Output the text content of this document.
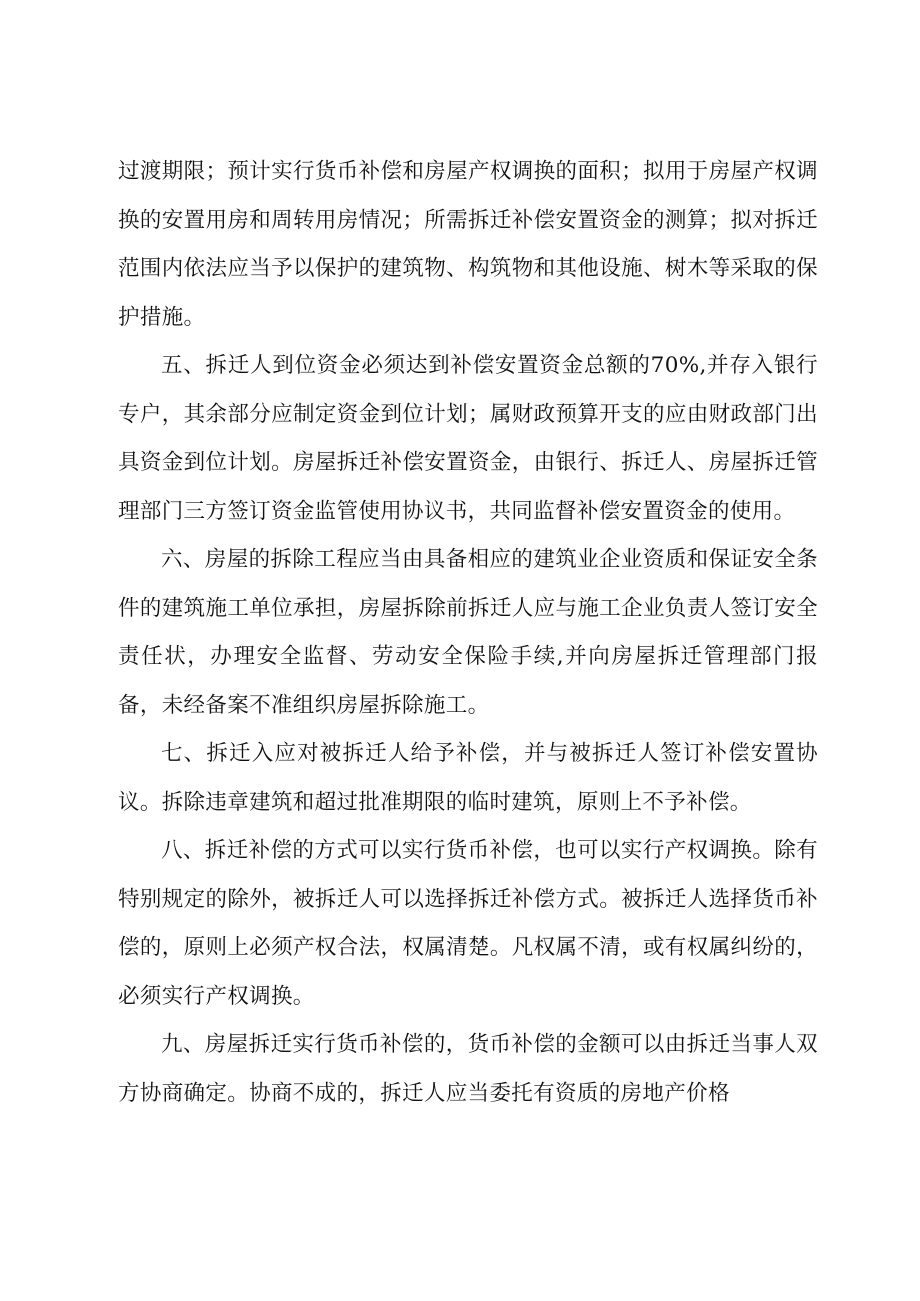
过渡期限；预计实行货币补偿和房屋产权调换的面积；拟用于房屋产权调换的安置用房和周转用房情况；所需拆迁补偿安置资金的测算；拟对拆迁范围内依法应当予以保护的建筑物、构筑物和其他设施、树木等采取的保护措施。

五、拆迁人到位资金必须达到补偿安置资金总额的70%,并存入银行专户，其余部分应制定资金到位计划；属财政预算开支的应由财政部门出具资金到位计划。房屋拆迁补偿安置资金，由银行、拆迁人、房屋拆迁管理部门三方签订资金监管使用协议书，共同监督补偿安置资金的使用。

六、房屋的拆除工程应当由具备相应的建筑业企业资质和保证安全条件的建筑施工单位承担，房屋拆除前拆迁人应与施工企业负责人签订安全责任状，办理安全监督、劳动安全保险手续,并向房屋拆迁管理部门报备，未经备案不准组织房屋拆除施工。

七、拆迁入应对被拆迁人给予补偿，并与被拆迁人签订补偿安置协议。拆除违章建筑和超过批准期限的临时建筑，原则上不予补偿。

八、拆迁补偿的方式可以实行货币补偿，也可以实行产权调换。除有特别规定的除外，被拆迁人可以选择拆迁补偿方式。被拆迁人选择货币补偿的，原则上必须产权合法，权属清楚。凡权属不清，或有权属纠纷的，必须实行产权调换。

九、房屋拆迁实行货币补偿的，货币补偿的金额可以由拆迁当事人双方协商确定。协商不成的，拆迁人应当委托有资质的房地产价格
